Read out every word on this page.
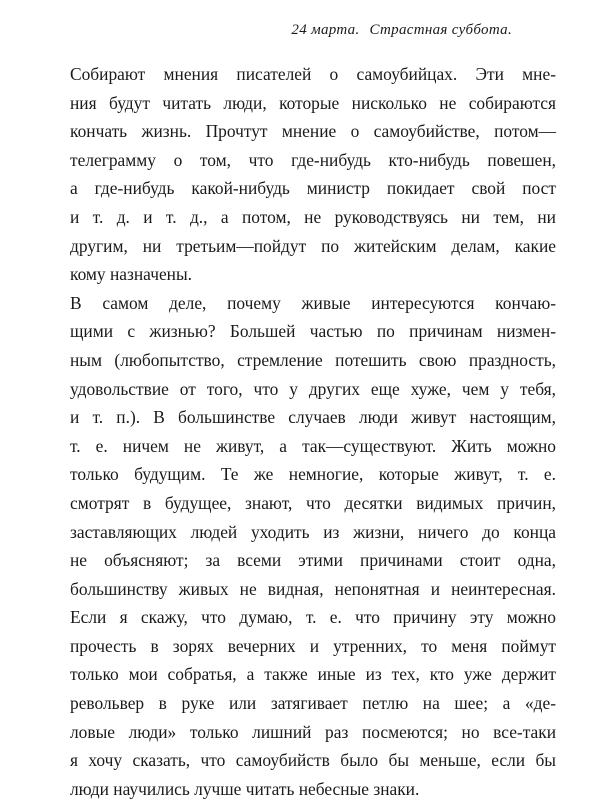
24 марта. Страстная суббота.
Собирают мнения писателей о самоубийцах. Эти мне-
ния будут читать люди, которые нисколько не собираются
кончать жизнь. Прочтут мнение о самоубийстве, потом—
телеграмму о том, что где-нибудь кто-нибудь повешен,
а где-нибудь какой-нибудь министр покидает свой пост
и т. д. и т. д., а потом, не руководствуясь ни тем, ни
другим, ни третьим—пойдут по житейским делам, какие
кому назначены.
В самом деле, почему живые интересуются кончаю-
щими с жизнью? Большей частью по причинам низмен-
ным (любопытство, стремление потешить свою праздность,
удовольствие от того, что у других еще хуже, чем у тебя,
и т. п.). В большинстве случаев люди живут настоящим,
т. е. ничем не живут, а так—существуют. Жить можно
только будущим. Те же немногие, которые живут, т. е.
смотрят в будущее, знают, что десятки видимых причин,
заставляющих людей уходить из жизни, ничего до конца
не объясняют; за всеми этими причинами стоит одна,
большинству живых не видная, непонятная и неинтересная.
Если я скажу, что думаю, т. е. что причину эту можно
прочесть в зорях вечерних и утренних, то меня поймут
только мои собратья, а также иные из тех, кто уже держит
револьвер в руке или затягивает петлю на шее; а «де-
ловые люди» только лишний раз посмеются; но все-таки
я хочу сказать, что самоубийств было бы меньше, если бы
люди научились лучше читать небесные знаки.
